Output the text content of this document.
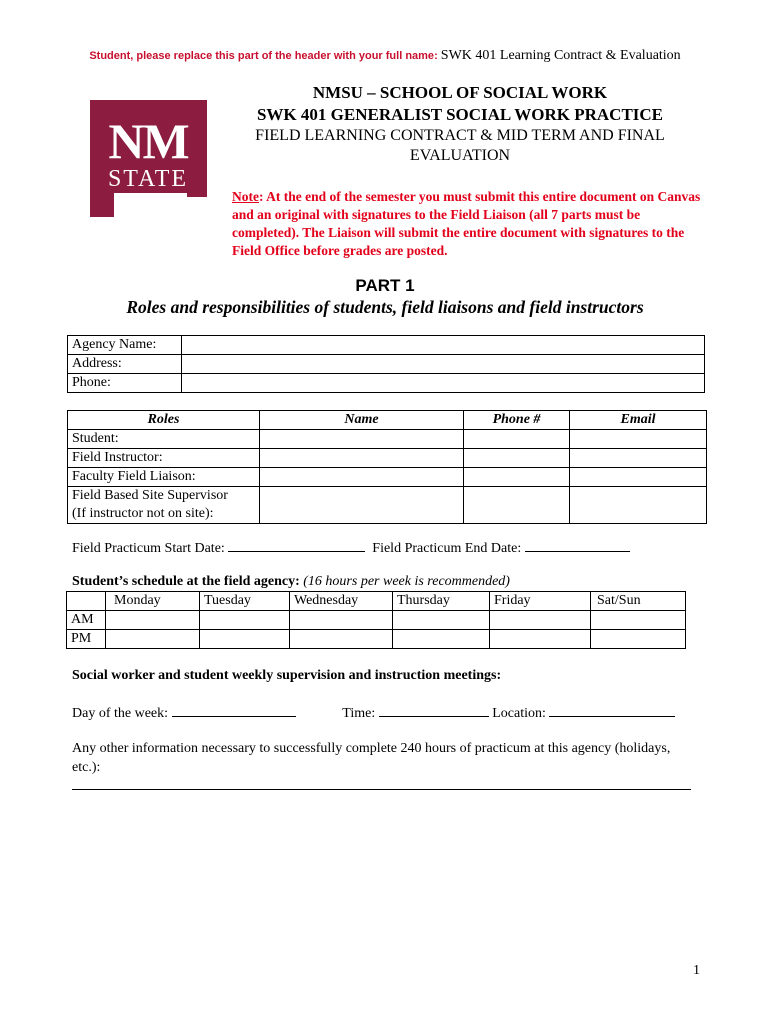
Student, please replace this part of the header with your full name: SWK 401 Learning Contract & Evaluation
NM
STATE
NMSU – SCHOOL OF SOCIAL WORK
SWK 401 GENERALIST SOCIAL WORK PRACTICE
FIELD LEARNING CONTRACT & MID TERM AND FINAL EVALUATION
Note: At the end of the semester you must submit this entire document on Canvas and an original with signatures to the Field Liaison (all 7 parts must be completed). The Liaison will submit the entire document with signatures to the Field Office before grades are posted.
PART 1
Roles and responsibilities of students, field liaisons and field instructors
Agency Name:	
Address:	
Phone:	
Roles	Name	Phone #	Email
Student:			
Field Instructor:			
Faculty Field Liaison:			
Field Based Site Supervisor
(If instructor not on site):			
Field Practicum Start Date:	Field Practicum End Date:
Student’s schedule at the field agency: (16 hours per week is recommended)
	Monday	Tuesday	Wednesday	Thursday	Friday	Sat/Sun
AM						
PM						
Social worker and student weekly supervision and instruction meetings:
Day of the week:	Time:	Location:
Any other information necessary to successfully complete 240 hours of practicum at this agency (holidays, etc.):
1
